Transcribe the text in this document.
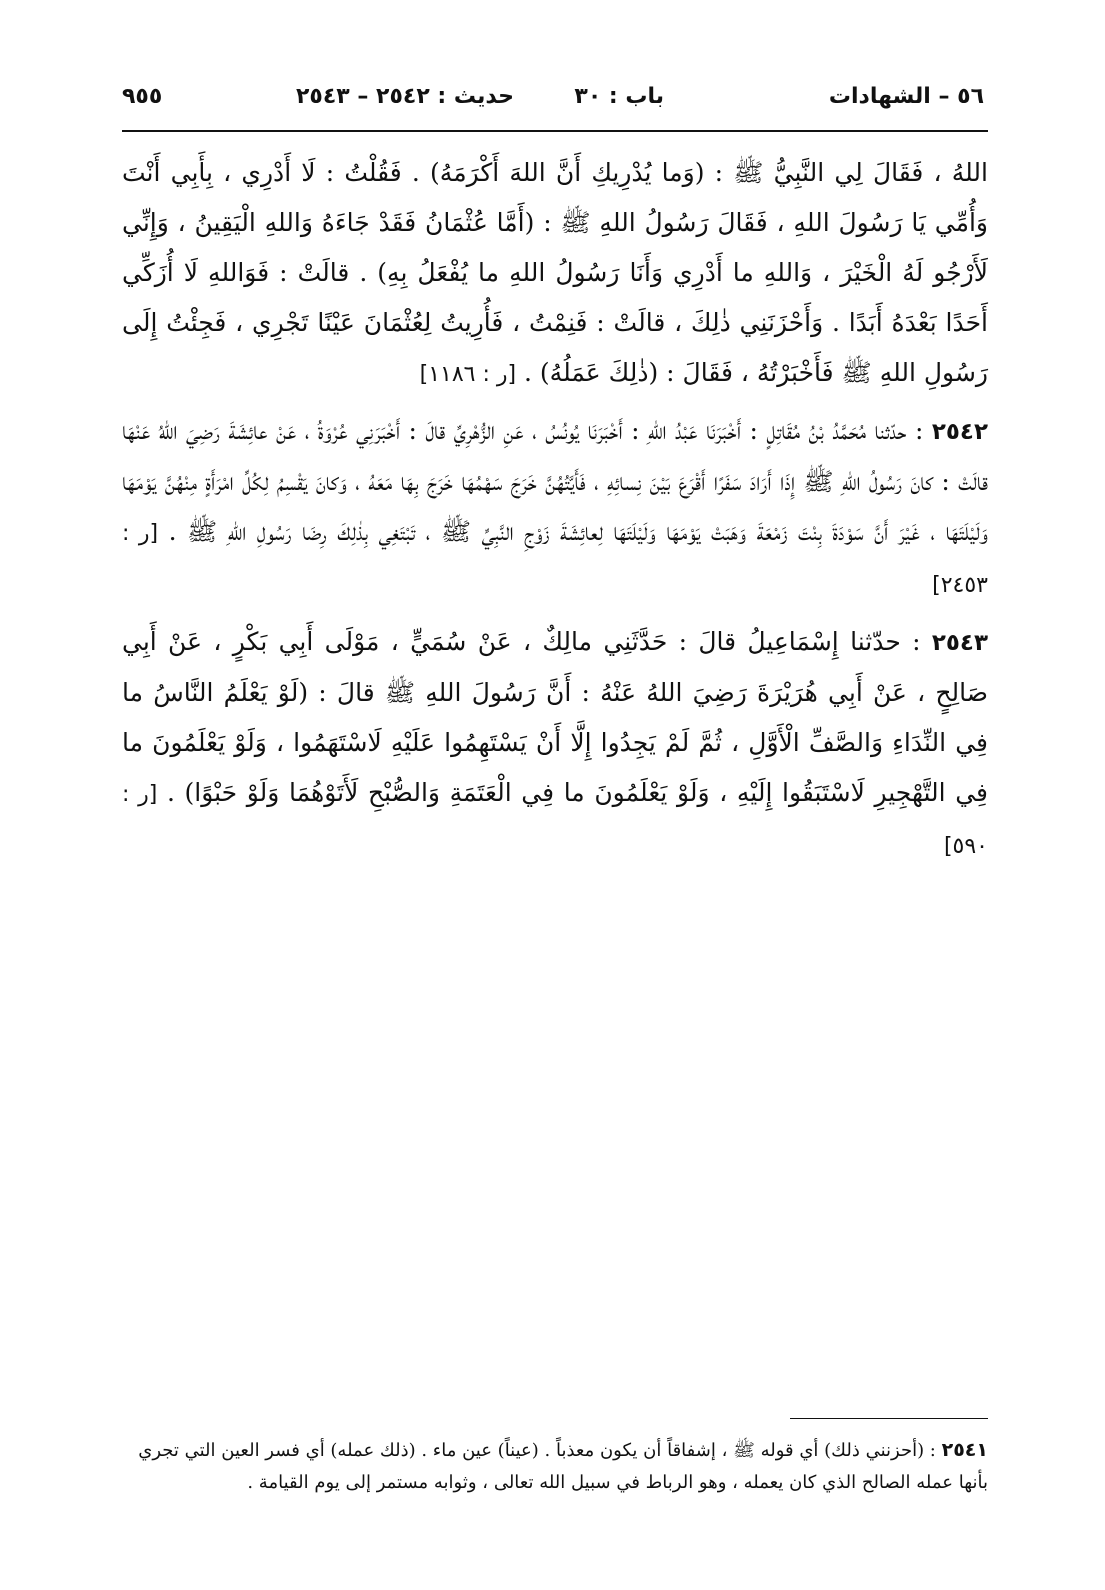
٥٦ – الشهادات
باب : ٣٠
حديث : ٢٥٤٢ – ٢٥٤٣
٩٥٥

اللهُ ، فَقَالَ لِي النَّبِيُّ ﷺ : (وَما يُدْرِيكِ أَنَّ اللهَ أَكْرَمَهُ) . فَقُلْتُ : لَا أَدْرِي ، بِأَبِي أَنْتَ وَأُمِّي يَا رَسُولَ اللهِ ، فَقَالَ رَسُولُ اللهِ ﷺ : (أَمَّا عُثْمَانُ فَقَدْ جَاءَهُ وَاللهِ الْيَقِينُ ، وَإِنِّي لَأَرْجُو لَهُ الْخَيْرَ ، وَاللهِ ما أَدْرِي وَأَنَا رَسُولُ اللهِ ما يُفْعَلُ بِهِ) . قالَتْ : فَوَاللهِ لَا أُزَكِّي أَحَدًا بَعْدَهُ أَبَدًا . وَأَحْزَنَنِي ذٰلِكَ ، قالَتْ : فَنِمْتُ ، فَأُرِيتُ لِعُثْمَانَ عَيْنًا تَجْرِي ، فَجِئْتُ إِلَى رَسُولِ اللهِ ﷺ فَأَخْبَرْتُهُ ، فَقَالَ : (ذٰلِكَ عَمَلُهُ) . [ر : ١١٨٦]

٢٥٤٢ : حدّثنا مُحَمَّدُ بْنُ مُقَاتِلٍ : أَخْبَرَنَا عَبْدُ اللهِ : أَخْبَرَنَا يُونُسُ ، عَنِ الزُّهْرِيِّ قالَ : أَخْبَرَنِي عُرْوَةُ ، عَنْ عائِشَةَ رَضِيَ اللهُ عَنْهَا قالَتْ : كانَ رَسُولُ اللهِ ﷺ إِذَا أَرَادَ سَفَرًا أَقْرَعَ بَيْنَ نِسائِهِ ، فَأَيَّتُهُنَّ خَرَجَ سَهْمُهَا خَرَجَ بِهَا مَعَهُ ، وَكانَ يَقْسِمُ لِكُلِّ امْرَأَةٍ مِنْهُنَّ يَوْمَهَا وَلَيْلَتَهَا ، غَيْرَ أَنَّ سَوْدَةَ بِنْتَ زَمْعَةَ وَهَبَتْ يَوْمَهَا وَلَيْلَتَهَا لِعائِشَةَ زَوْجِ النَّبِيِّ ﷺ ، تَبْتَغِي بِذٰلِكَ رِضَا رَسُولِ اللهِ ﷺ . [ر : ٢٤٥٣]

٢٥٤٣ : حدّثنا إِسْمَاعِيلُ قالَ : حَدَّثَنِي مالِكٌ ، عَنْ سُمَيٍّ ، مَوْلَى أَبِي بَكْرٍ ، عَنْ أَبِي صَالِحٍ ، عَنْ أَبِي هُرَيْرَةَ رَضِيَ اللهُ عَنْهُ : أَنَّ رَسُولَ اللهِ ﷺ قالَ : (لَوْ يَعْلَمُ النَّاسُ ما فِي النِّدَاءِ وَالصَّفِّ الْأَوَّلِ ، ثُمَّ لَمْ يَجِدُوا إِلَّا أَنْ يَسْتَهِمُوا عَلَيْهِ لَاسْتَهَمُوا ، وَلَوْ يَعْلَمُونَ ما فِي التَّهْجِيرِ لَاسْتَبَقُوا إِلَيْهِ ، وَلَوْ يَعْلَمُونَ ما فِي الْعَتَمَةِ وَالصُّبْحِ لَأَتَوْهُمَا وَلَوْ حَبْوًا) . [ر : ٥٩٠]

٢٥٤١ : (أحزنني ذلك) أي قوله ﷺ ، إشفاقاً أن يكون معذباً . (عيناً) عين ماء . (ذلك عمله) أي فسر العين التي تجري بأنها عمله الصالح الذي كان يعمله ، وهو الرباط في سبيل الله تعالى ، وثوابه مستمر إلى يوم القيامة .
